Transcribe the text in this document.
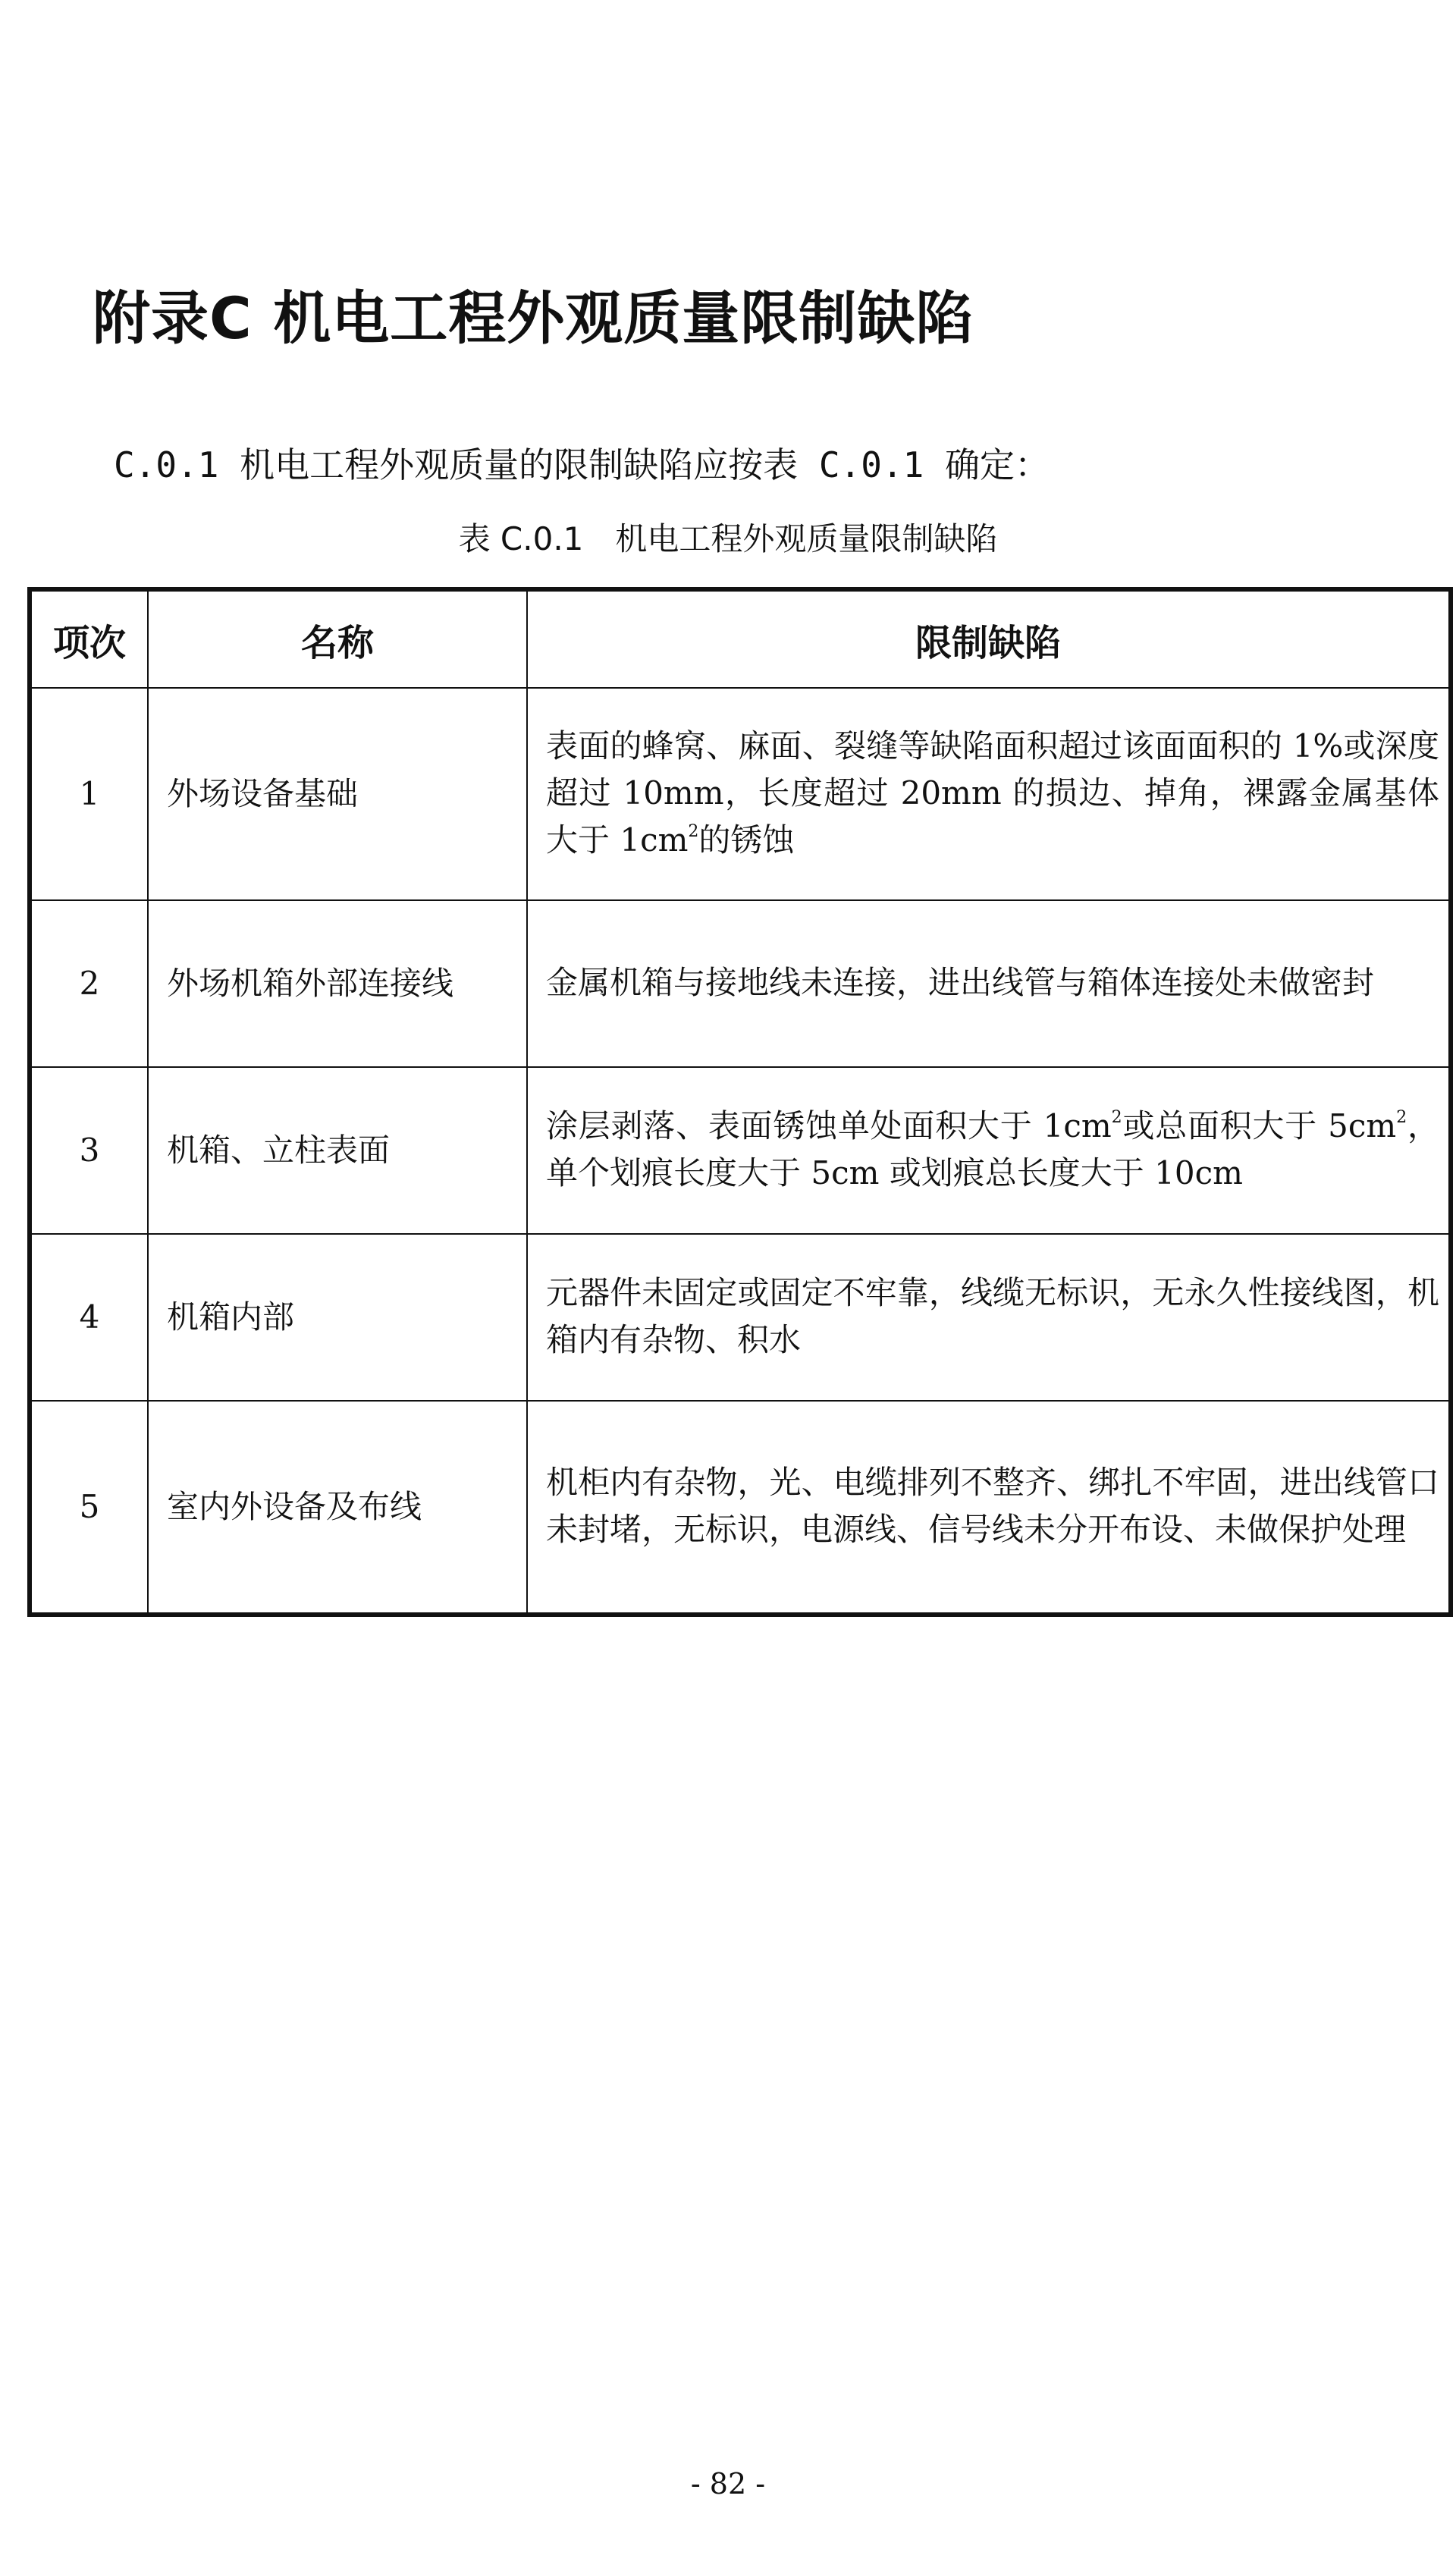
附录C 机电工程外观质量限制缺陷
C.0.1 机电工程外观质量的限制缺陷应按表 C.0.1 确定：
表 C.0.1　机电工程外观质量限制缺陷
项次	名称	限制缺陷
1	外场设备基础	表面的蜂窝、麻面、裂缝等缺陷面积超过该面面积的 1%或深度超过 10mm，长度超过 20mm 的损边、掉角，裸露金属基体大于 $1cm^2$的锈蚀
2	外场机箱外部连接线	金属机箱与接地线未连接，进出线管与箱体连接处未做密封
3	机箱、立柱表面	涂层剥落、表面锈蚀单处面积大于 $1cm^2$或总面积大于 $5cm^2$，单个划痕长度大于 5cm 或划痕总长度大于 10cm
4	机箱内部	元器件未固定或固定不牢靠，线缆无标识，无永久性接线图，机箱内有杂物、积水
5	室内外设备及布线	机柜内有杂物，光、电缆排列不整齐、绑扎不牢固，进出线管口未封堵，无标识，电源线、信号线未分开布设、未做保护处理
- 82 -
